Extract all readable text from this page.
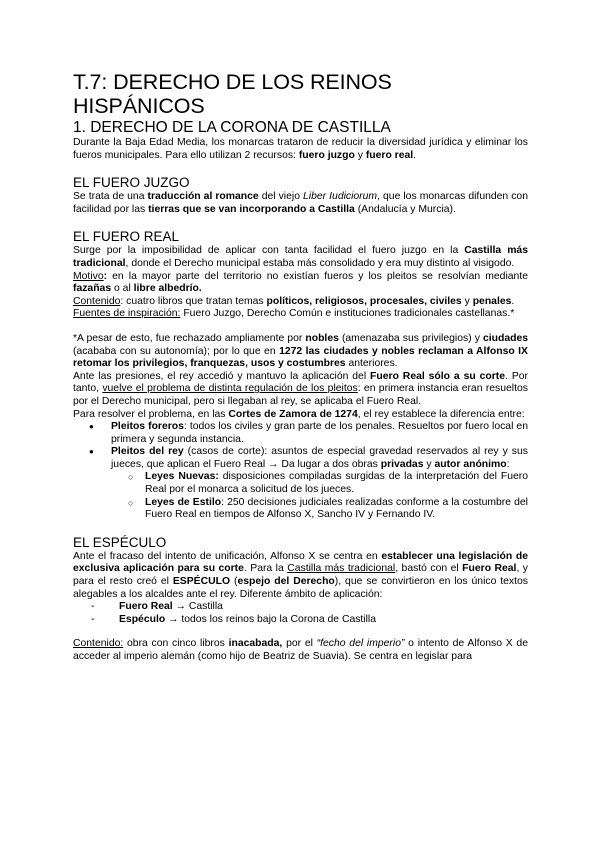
T.7: DERECHO DE LOS REINOS HISPÁNICOS
1. DERECHO DE LA CORONA DE CASTILLA

Durante la Baja Edad Media, los monarcas trataron de reducir la diversidad jurídica y eliminar los fueros municipales. Para ello utilizan 2 recursos: fuero juzgo y fuero real.

EL FUERO JUZGO

Se trata de una traducción al romance del viejo Liber Iudiciorum, que los monarcas difunden con facilidad por las tierras que se van incorporando a Castilla (Andalucía y Murcia).

EL FUERO REAL

Surge por la imposibilidad de aplicar con tanta facilidad el fuero juzgo en la Castilla más tradicional, donde el Derecho municipal estaba más consolidado y era muy distinto al visigodo.

Motivo: en la mayor parte del territorio no existían fueros y los pleitos se resolvían mediante fazañas o al libre albedrío.

Contenido: cuatro libros que tratan temas políticos, religiosos, procesales, civiles y penales.

Fuentes de inspiración: Fuero Juzgo, Derecho Común e instituciones tradicionales castellanas.*

*A pesar de esto, fue rechazado ampliamente por nobles (amenazaba sus privilegios) y ciudades (acababa con su autonomía); por lo que en 1272 las ciudades y nobles reclaman a Alfonso IX retomar los privilegios, franquezas, usos y costumbres anteriores.

Ante las presiones, el rey accedió y mantuvo la aplicación del Fuero Real sólo a su corte. Por tanto, vuelve el problema de distinta regulación de los pleitos: en primera instancia eran resueltos por el Derecho municipal, pero si llegaban al rey, se aplicaba el Fuero Real.

Para resolver el problema, en las Cortes de Zamora de 1274, el rey establece la diferencia entre:

● Pleitos foreros: todos los civiles y gran parte de los penales. Resueltos por fuero local en primera y segunda instancia.
● Pleitos del rey (casos de corte): asuntos de especial gravedad reservados al rey y sus jueces, que aplican el Fuero Real → Da lugar a dos obras privadas y autor anónimo:
○ Leyes Nuevas: disposiciones compiladas surgidas de la interpretación del Fuero Real por el monarca a solicitud de los jueces.
○ Leyes de Estilo: 250 decisiones judiciales realizadas conforme a la costumbre del Fuero Real en tiempos de Alfonso X, Sancho IV y Fernando IV.
EL ESPÉCULO

Ante el fracaso del intento de unificación, Alfonso X se centra en establecer una legislación de exclusiva aplicación para su corte. Para la Castilla más tradicional, bastó con el Fuero Real, y para el resto creó el ESPÉCULO (espejo del Derecho), que se convirtieron en los único textos alegables a los alcaldes ante el rey. Diferente ámbito de aplicación:

- Fuero Real → Castilla
- Espéculo → todos los reinos bajo la Corona de Castilla

Contenido: obra con cinco libros inacabada, por el “fecho del imperio” o intento de Alfonso X de acceder al imperio alemán (como hijo de Beatriz de Suavia). Se centra en legislar para
